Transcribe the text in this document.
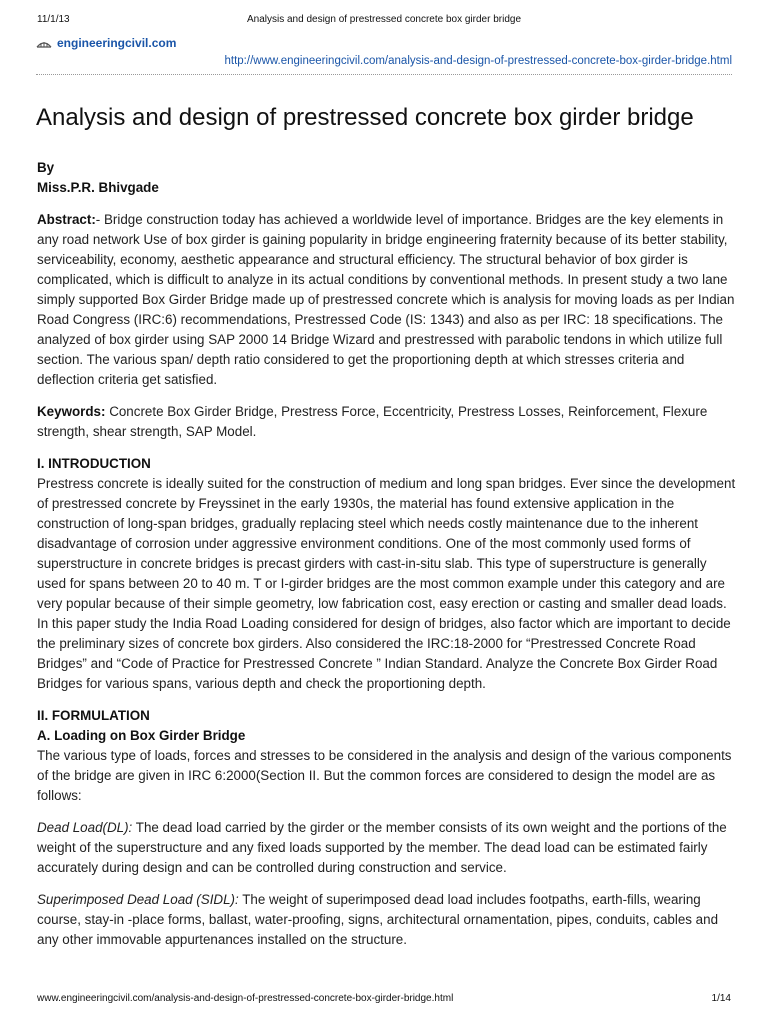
11/1/13	Analysis and design of prestressed concrete box girder bridge
engineeringcivil.com
http://www.engineeringcivil.com/analysis-and-design-of-prestressed-concrete-box-girder-bridge.html
Analysis and design of prestressed concrete box girder bridge
By
Miss.P.R. Bhivgade

Abstract:- Bridge construction today has achieved a worldwide level of importance. Bridges are the key elements in any road network Use of box girder is gaining popularity in bridge engineering fraternity because of its better stability, serviceability, economy, aesthetic appearance and structural efficiency. The structural behavior of box girder is complicated, which is difficult to analyze in its actual conditions by conventional methods. In present study a two lane simply supported Box Girder Bridge made up of prestressed concrete which is analysis for moving loads as per Indian Road Congress (IRC:6) recommendations, Prestressed Code (IS: 1343) and also as per IRC: 18 specifications. The analyzed of box girder using SAP 2000 14 Bridge Wizard and prestressed with parabolic tendons in which utilize full section. The various span/ depth ratio considered to get the proportioning depth at which stresses criteria and deflection criteria get satisfied.

Keywords: Concrete Box Girder Bridge, Prestress Force, Eccentricity, Prestress Losses, Reinforcement, Flexure strength, shear strength, SAP Model.

I. INTRODUCTION
Prestress concrete is ideally suited for the construction of medium and long span bridges. Ever since the development of prestressed concrete by Freyssinet in the early 1930s, the material has found extensive application in the construction of long-span bridges, gradually replacing steel which needs costly maintenance due to the inherent disadvantage of corrosion under aggressive environment conditions. One of the most commonly used forms of superstructure in concrete bridges is precast girders with cast-in-situ slab. This type of superstructure is generally used for spans between 20 to 40 m. T or I-girder bridges are the most common example under this category and are very popular because of their simple geometry, low fabrication cost, easy erection or casting and smaller dead loads. In this paper study the India Road Loading considered for design of bridges, also factor which are important to decide the preliminary sizes of concrete box girders. Also considered the IRC:18-2000 for “Prestressed Concrete Road Bridges” and “Code of Practice for Prestressed Concrete ” Indian Standard. Analyze the Concrete Box Girder Road Bridges for various spans, various depth and check the proportioning depth.

II. FORMULATION
A. Loading on Box Girder Bridge
The various type of loads, forces and stresses to be considered in the analysis and design of the various components of the bridge are given in IRC 6:2000(Section II. But the common forces are considered to design the model are as follows:

Dead Load(DL): The dead load carried by the girder or the member consists of its own weight and the portions of the weight of the superstructure and any fixed loads supported by the member. The dead load can be estimated fairly accurately during design and can be controlled during construction and service.

Superimposed Dead Load (SIDL): The weight of superimposed dead load includes footpaths, earth-fills, wearing course, stay-in -place forms, ballast, water-proofing, signs, architectural ornamentation, pipes, conduits, cables and any other immovable appurtenances installed on the structure.

www.engineeringcivil.com/analysis-and-design-of-prestressed-concrete-box-girder-bridge.html	1/14
